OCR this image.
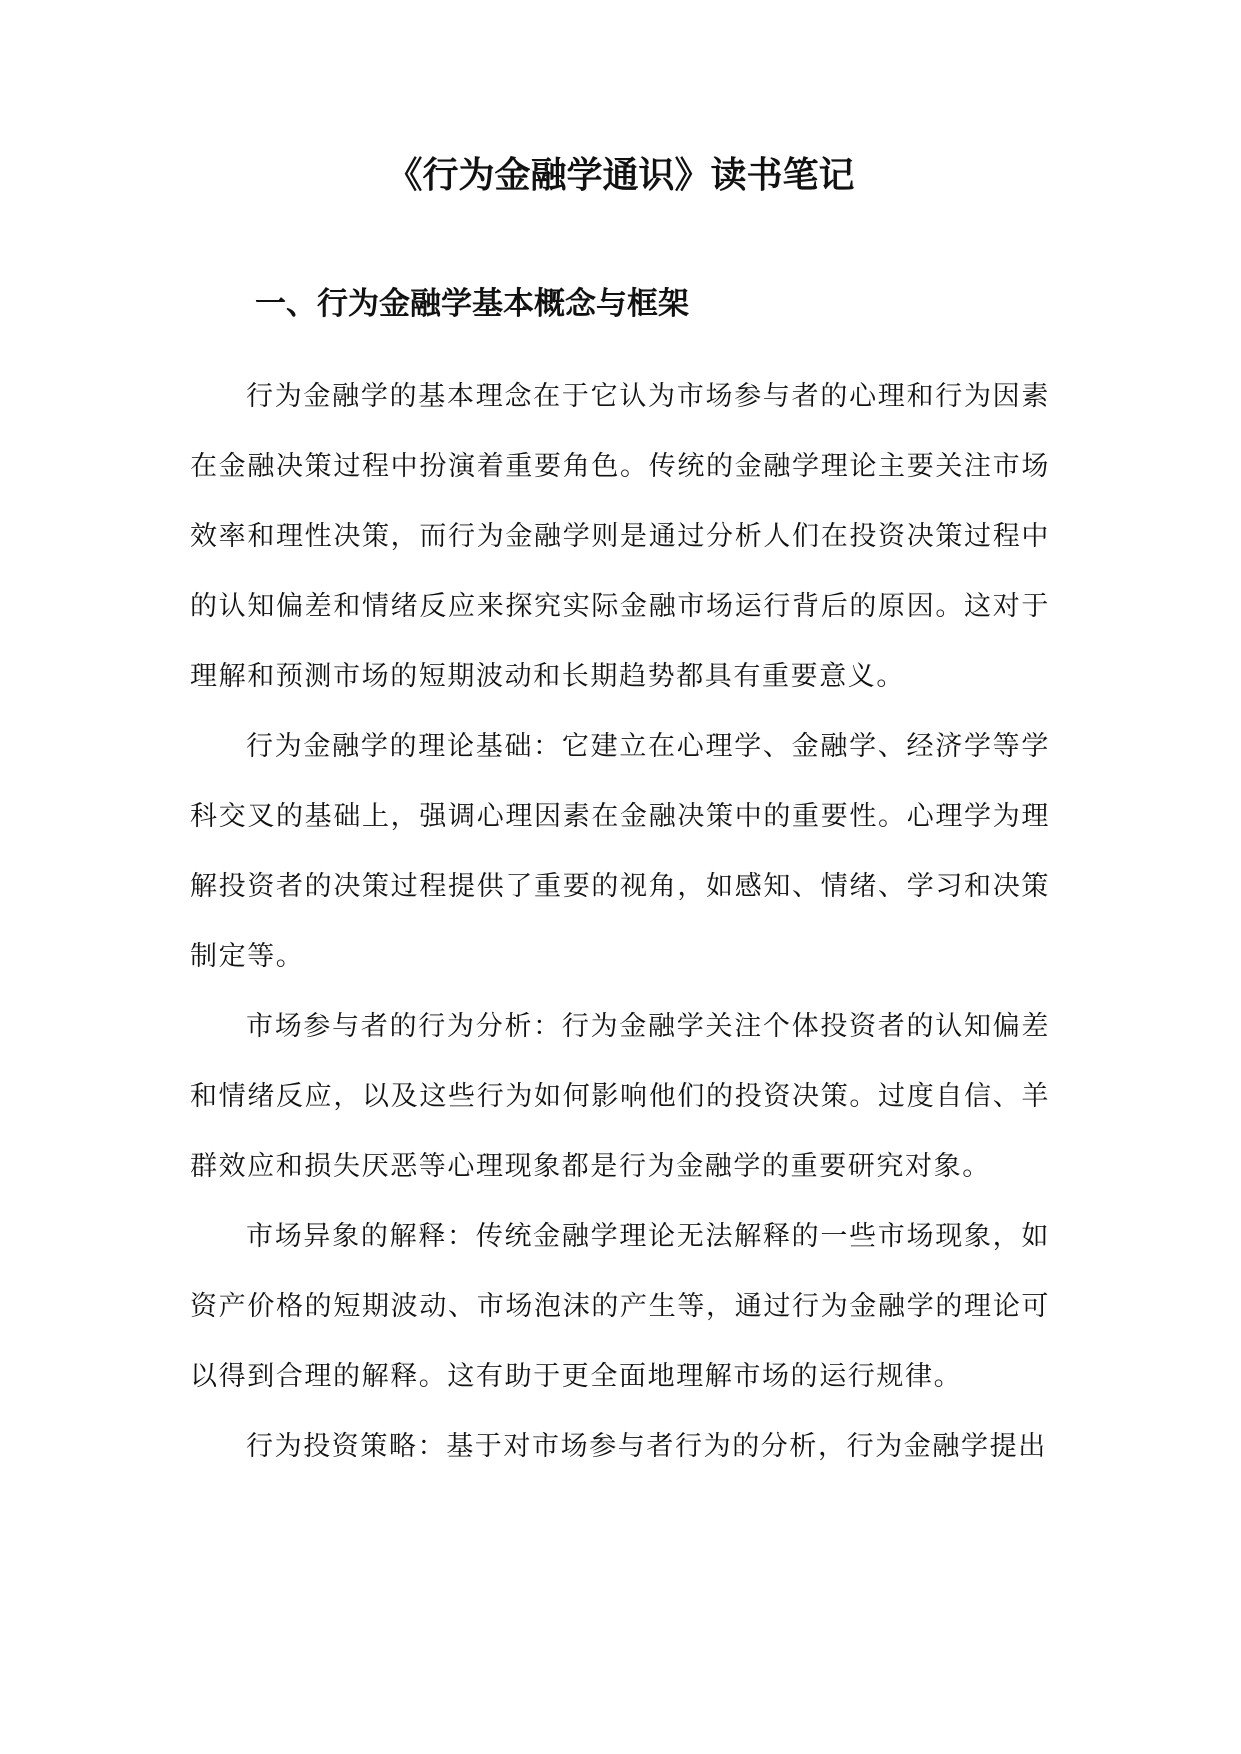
《行为金融学通识》读书笔记
一、行为金融学基本概念与框架

行为金融学的基本理念在于它认为市场参与者的心理和行为因素在金融决策过程中扮演着重要角色。传统的金融学理论主要关注市场效率和理性决策，而行为金融学则是通过分析人们在投资决策过程中的认知偏差和情绪反应来探究实际金融市场运行背后的原因。这对于理解和预测市场的短期波动和长期趋势都具有重要意义。

行为金融学的理论基础：它建立在心理学、金融学、经济学等学科交叉的基础上，强调心理因素在金融决策中的重要性。心理学为理解投资者的决策过程提供了重要的视角，如感知、情绪、学习和决策制定等。

市场参与者的行为分析：行为金融学关注个体投资者的认知偏差和情绪反应，以及这些行为如何影响他们的投资决策。过度自信、羊群效应和损失厌恶等心理现象都是行为金融学的重要研究对象。

市场异象的解释：传统金融学理论无法解释的一些市场现象，如资产价格的短期波动、市场泡沫的产生等，通过行为金融学的理论可以得到合理的解释。这有助于更全面地理解市场的运行规律。

行为投资策略：基于对市场参与者行为的分析，行为金融学提出
